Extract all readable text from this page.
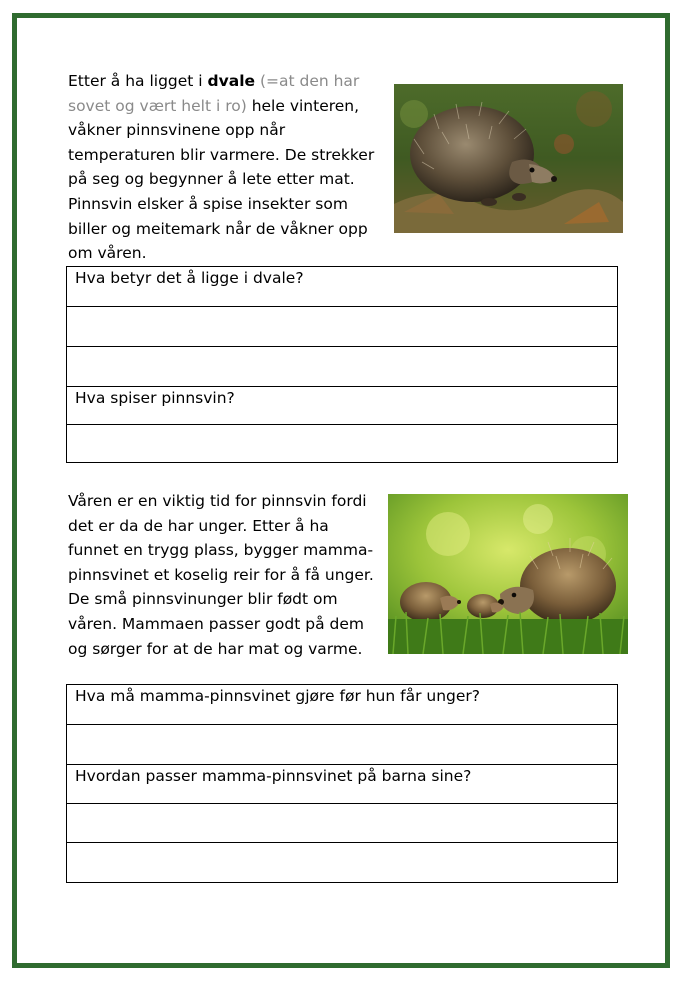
Etter å ha ligget i dvale (=at den har sovet og vært helt i ro) hele vinteren, våkner pinnsvinene opp når temperaturen blir varmere. De strekker på seg og begynner å lete etter mat. Pinnsvin elsker å spise insekter som biller og meitemark når de våkner opp om våren.

Hva betyr det å ligge i dvale?

Hva spiser pinnsvin?

Våren er en viktig tid for pinnsvin fordi det er da de har unger. Etter å ha funnet en trygg plass, bygger mamma-pinnsvinet et koselig reir for å få unger. De små pinnsvinunger blir født om våren. Mammaen passer godt på dem og sørger for at de har mat og varme.

Hva må mamma-pinnsvinet gjøre før hun får unger?

Hvordan passer mamma-pinnsvinet på barna sine?
